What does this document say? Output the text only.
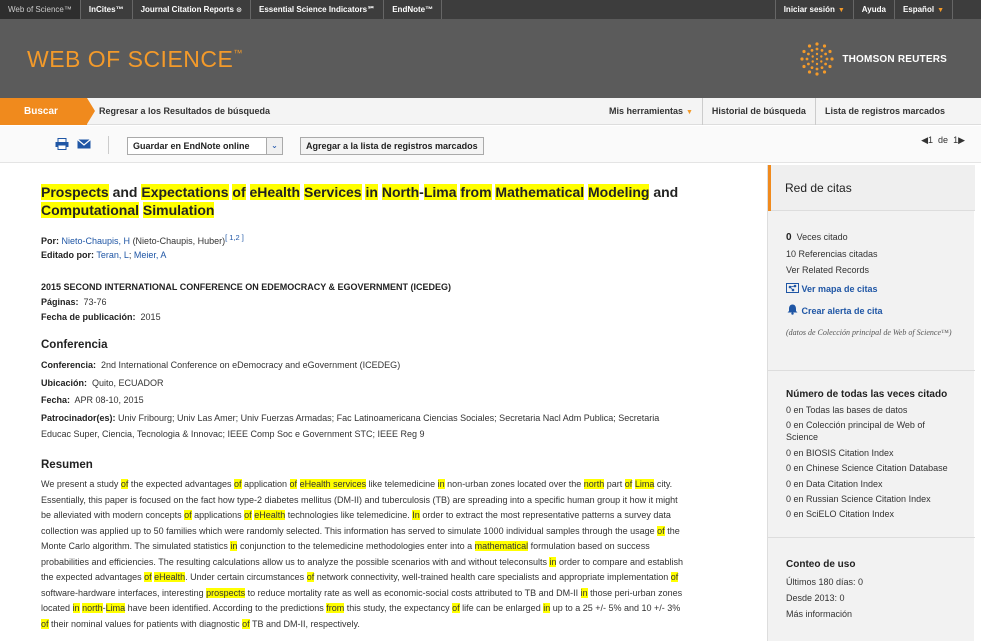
Web of Science™	InCites™	Journal Citation Reports ⊙	Essential Science Indicators℠	EndNote™	Iniciar sesión ▼	Ayuda	Español ▼
WEB OF SCIENCE™
THOMSON REUTERS
Buscar	Regresar a los Resultados de búsqueda	Mis herramientas ▼	Historial de búsqueda	Lista de registros marcados
Guardar en EndNote online	⌄	Agregar a la lista de registros marcados
◀1 de 1▶
Prospects and Expectations of eHealth Services in North-Lima from Mathematical Modeling and Computational Simulation
Por: Nieto-Chaupis, H (Nieto-Chaupis, Huber)[ 1,2 ]
Editado por: Teran, L; Meier, A
2015 SECOND INTERNATIONAL CONFERENCE ON EDEMOCRACY & EGOVERNMENT (ICEDEG)
Páginas: 73-76
Fecha de publicación: 2015
Conferencia
Conferencia: 2nd International Conference on eDemocracy and eGovernment (ICEDEG)
Ubicación: Quito, ECUADOR
Fecha: APR 08-10, 2015
Patrocinador(es): Univ Fribourg; Univ Las Amer; Univ Fuerzas Armadas; Fac Latinoamericana Ciencias Sociales; Secretaria Nacl Adm Publica; Secretaria
Educac Super, Ciencia, Tecnologia & Innovac; IEEE Comp Soc e Government STC; IEEE Reg 9
Resumen
We present a study of the expected advantages of application of eHealth services like telemedicine in non-urban zones located over the north part of Lima city.
Essentially, this paper is focused on the fact how type-2 diabetes mellitus (DM-II) and tuberculosis (TB) are spreading into a specific human group it how it might
be alleviated with modern concepts of applications of eHealth technologies like telemedicine. In order to extract the most representative patterns a survey data
collection was applied up to 50 families which were randomly selected. This information has served to simulate 1000 individual samples through the usage of the
Monte Carlo algorithm. The simulated statistics in conjunction to the telemedicine methodologies enter into a mathematical formulation based on success
probabilities and efficiencies. The resulting calculations allow us to analyze the possible scenarios with and without teleconsults in order to compare and establish
the expected advantages of eHealth. Under certain circumstances of network connectivity, well-trained health care specialists and appropriate implementation of
software-hardware interfaces, interesting prospects to reduce mortality rate as well as economic-social costs attributed to TB and DM-II in those peri-urban zones
located in north-Lima have been identified. According to the predictions from this study, the expectancy of life can be enlarged in up to a 25 +/- 5% and 10 +/- 3%
of their nominal values for patients with diagnostic of TB and DM-II, respectively.
Red de citas
0 Veces citado
10 Referencias citadas
Ver Related Records
Ver mapa de citas
Crear alerta de cita
(datos de Colección principal de Web of Science™)
Número de todas las veces citado
0 en Todas las bases de datos
0 en Colección principal de Web of
Science
0 en BIOSIS Citation Index
0 en Chinese Science Citation Database
0 en Data Citation Index
0 en Russian Science Citation Index
0 en SciELO Citation Index
Conteo de uso
Últimos 180 días: 0
Desde 2013: 0
Más información
